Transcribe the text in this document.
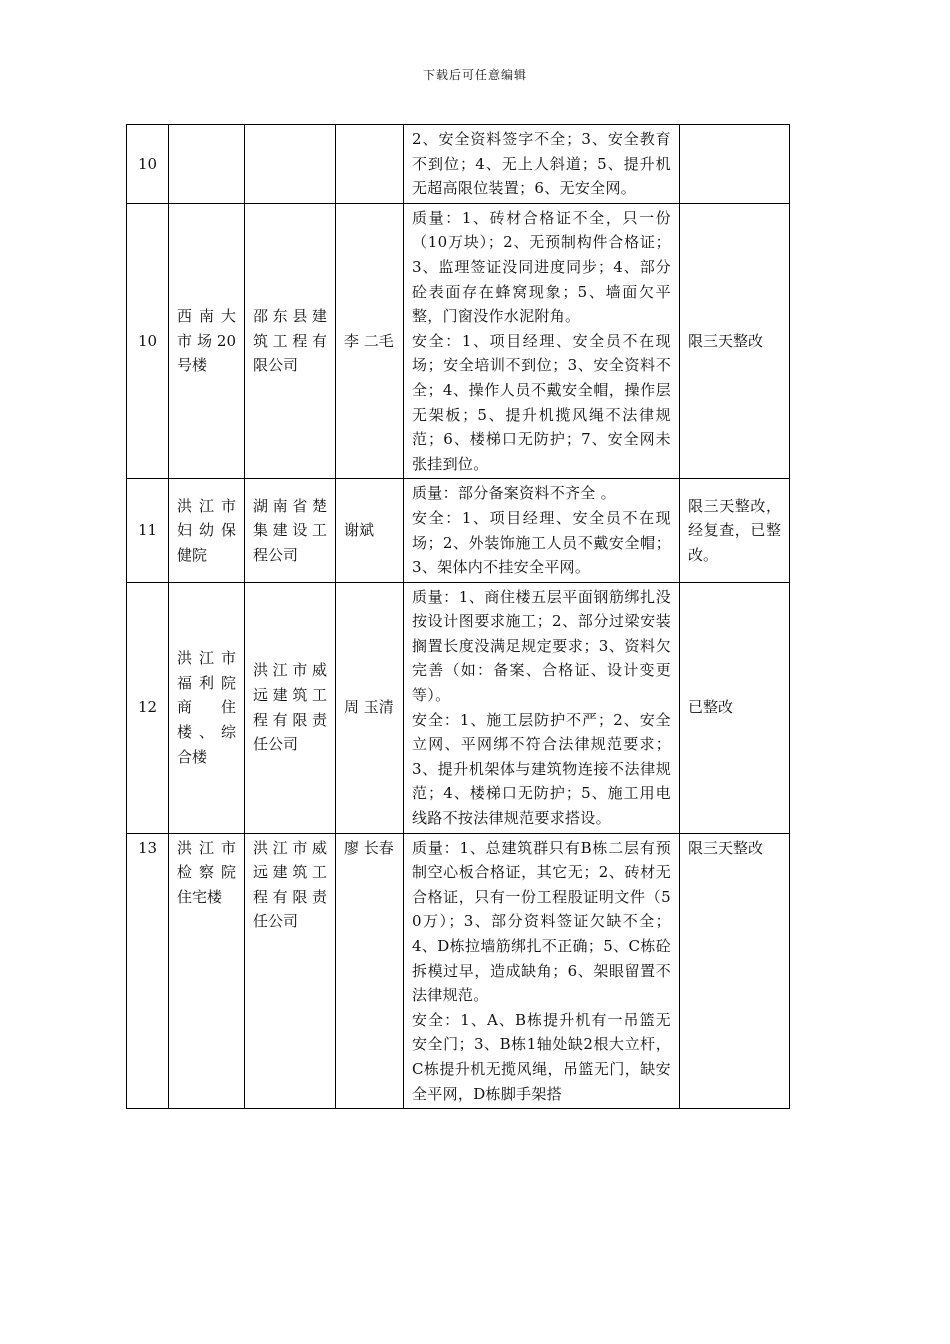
下载后可任意编辑
10				2、安全资料签字不全；3、安全教育不到位；4、无上人斜道；5、提升机无超高限位装置；6、无安全网。	

10	西南大市场20号楼	邵东县建筑工程有限公司	李 二毛	质量：1、砖材合格证不全，只一份（10万块）；2、无预制构件合格证；3、监理签证没同进度同步；4、部分砼表面存在蜂窝现象；5、墙面欠平整，门窗没作水泥附角。

安全：1、项目经理、安全员不在现场；安全培训不到位；3、安全资料不全；4、操作人员不戴安全帽，操作层无架板；5、提升机揽风绳不法律规范；6、楼梯口无防护；7、安全网未张挂到位。	限三天整改
11	洪江市妇幼保健院	湖南省楚集建设工程公司	谢斌	质量：部分备案资料不齐全 。

安全：1、项目经理、安全员不在现场；2、外装饰施工人员不戴安全帽；3、架体内不挂安全平网。	限三天整改，经复查，已整改。
12	洪江市福利院商住楼、综合楼	洪江市威远建筑工程有限责任公司	周 玉清	质量：1、商住楼五层平面钢筋绑扎没按设计图要求施工；2、部分过梁安装搁置长度没满足规定要求；3、资料欠完善（如：备案、合格证、设计变更等）。

安全：1、施工层防护不严；2、安全立网、平网绑不符合法律规范要求；3、提升机架体与建筑物连接不法律规范；4、楼梯口无防护；5、施工用电线路不按法律规范要求搭设。	已整改
13	洪江市检察院住宅楼	洪江市威远建筑工程有限责任公司	廖 长春	质量：1、总建筑群只有B栋二层有预制空心板合格证，其它无；2、砖材无合格证，只有一份工程股证明文件（50万）；3、部分资料签证欠缺不全；4、D栋拉墙筋绑扎不正确；5、C栋砼拆模过早，造成缺角；6、架眼留置不法律规范。

安全：1、A、B栋提升机有一吊篮无安全门；3、B栋1轴处缺2根大立杆，C栋提升机无揽风绳，吊篮无门，缺安全平网，D栋脚手架搭	限三天整改
